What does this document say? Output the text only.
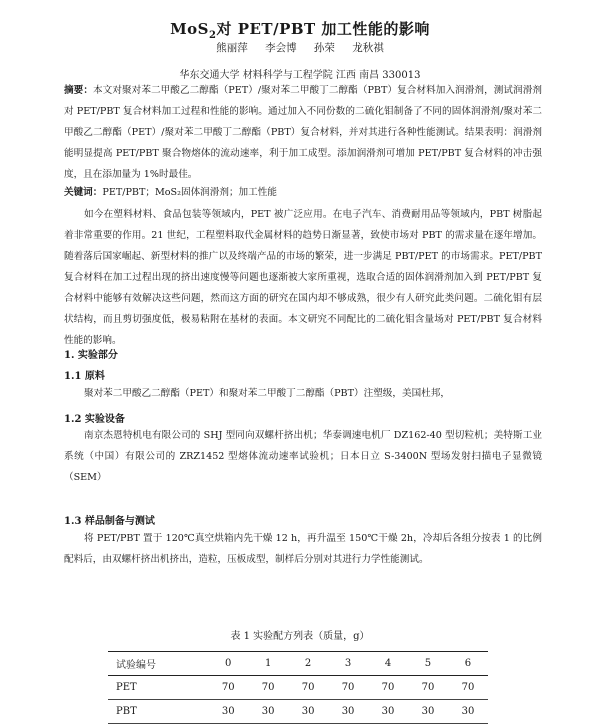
MoS$_2$对 PET/PBT 加工性能的影响
熊丽萍 李会博 孙荣 龙秋祺
华东交通大学 材料科学与工程学院 江西 南昌 330013
摘要：本文对聚对苯二甲酸乙二醇酯（PET）/聚对苯二甲酸丁二醇酯（PBT）复合材料加入润滑剂，测试润滑剂对 PET/PBT 复合材料加工过程和性能的影响。通过加入不同份数的二硫化钼制备了不同的固体润滑剂/聚对苯二甲酸乙二醇酯（PET）/聚对苯二甲酸丁二醇酯（PBT）复合材料，并对其进行各种性能测试。结果表明：润滑剂能明显提高 PET/PBT 聚合物熔体的流动速率，利于加工成型。添加润滑剂可增加 PET/PBT 复合材料的冲击强度，且在添加量为 1%时最佳。
关键词：PET/PBT；MoS₂固体润滑剂；加工性能
如今在塑料材料、食品包装等领域内，PET 被广泛应用。在电子汽车、消费耐用品等领域内，PBT 树脂起着非常重要的作用。21 世纪，工程塑料取代金属材料的趋势日渐显著，致使市场对 PBT 的需求量在逐年增加。随着落后国家崛起、新型材料的推广以及终端产品的市场的繁荣，进一步满足 PBT/PET 的市场需求。PET/PBT 复合材料在加工过程出现的挤出速度慢等问题也逐渐被大家所重视，选取合适的固体润滑剂加入到 PET/PBT 复合材料中能够有效解决这些问题，然而这方面的研究在国内却不够成熟，很少有人研究此类问题。二硫化钼有层状结构，而且剪切强度低，极易粘附在基材的表面。本文研究不同配比的二硫化钼含量场对 PET/PBT 复合材料性能的影响。
1. 实验部分
1.1 原料
聚对苯二甲酸乙二醇酯（PET）和聚对苯二甲酸丁二醇酯（PBT）注塑级，美国杜邦，
1.2 实验设备
南京杰恩特机电有限公司的 SHJ 型同向双螺杆挤出机；华泰调速电机厂 DZ162-40 型切粒机；美特斯工业系统（中国）有限公司的 ZRZ1452 型熔体流动速率试验机；日本日立 S-3400N 型场发射扫描电子显微镜（SEM）
1.3 样品制备与测试
将 PET/PBT 置于 120℃真空烘箱内先干燥 12 h，再升温至 150℃干燥 2h，冷却后各组分按表 1 的比例配料后，由双螺杆挤出机挤出，造粒，压板成型，制样后分别对其进行力学性能测试。
表 1 实验配方列表（质量，g）
试验编号	0	1	2	3	4	5	6
PET	70	70	70	70	70	70	70
PBT	30	30	30	30	30	30	30
